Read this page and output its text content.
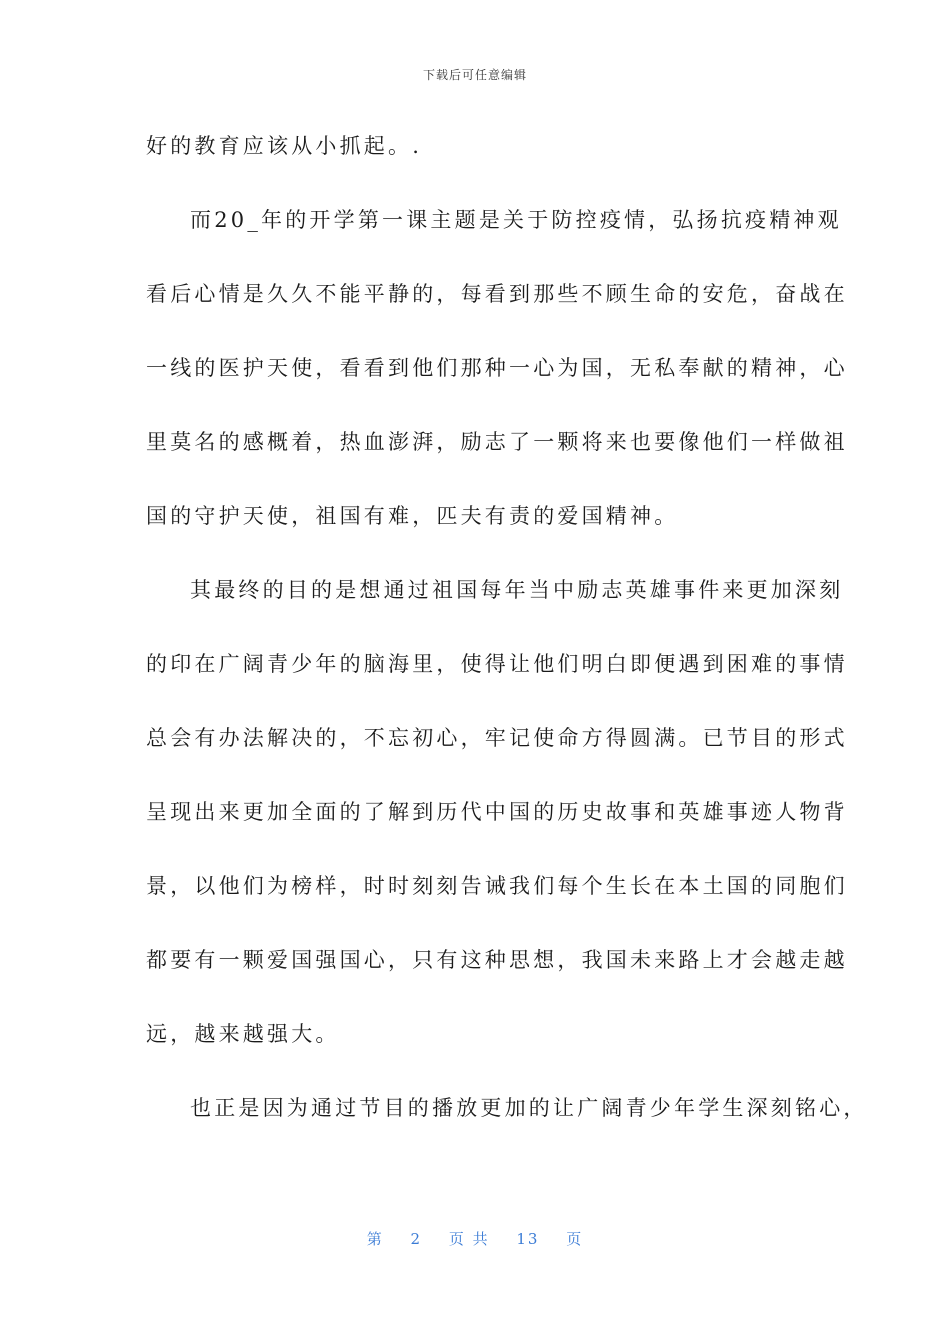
下载后可任意编辑
好的教育应该从小抓起。.
而20_年的开学第一课主题是关于防控疫情，弘扬抗疫精神观
看后心情是久久不能平静的，每看到那些不顾生命的安危，奋战在
一线的医护天使，看看到他们那种一心为国，无私奉献的精神，心
里莫名的感概着，热血澎湃，励志了一颗将来也要像他们一样做祖
国的守护天使，祖国有难，匹夫有责的爱国精神。
其最终的目的是想通过祖国每年当中励志英雄事件来更加深刻
的印在广阔青少年的脑海里，使得让他们明白即便遇到困难的事情
总会有办法解决的，不忘初心，牢记使命方得圆满。已节目的形式
呈现出来更加全面的了解到历代中国的历史故事和英雄事迹人物背
景，以他们为榜样，时时刻刻告诫我们每个生长在本土国的同胞们
都要有一颗爱国强国心，只有这种思想，我国未来路上才会越走越
远，越来越强大。
也正是因为通过节目的播放更加的让广阔青少年学生深刻铭心，
第 2 页 共 13 页
